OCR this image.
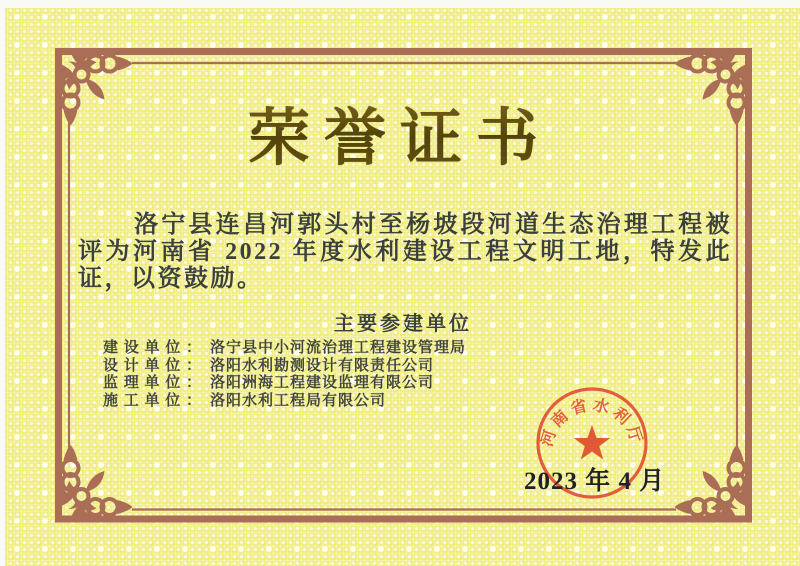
荣誉证书

洛宁县连昌河郭头村至杨坡段河道生态治理工程被评为河南省 2022 年度水利建设工程文明工地，特发此证，以资鼓励。

主要参建单位
建 设 单 位 ： 洛宁县中小河流治理工程建设管理局
设 计 单 位 ： 洛阳水利勘测设计有限责任公司
监 理 单 位 ： 洛阳洲海工程建设监理有限公司
施 工 单 位 ： 洛阳水利工程局有限公司
河南省水利厅
2023 年 4 月
